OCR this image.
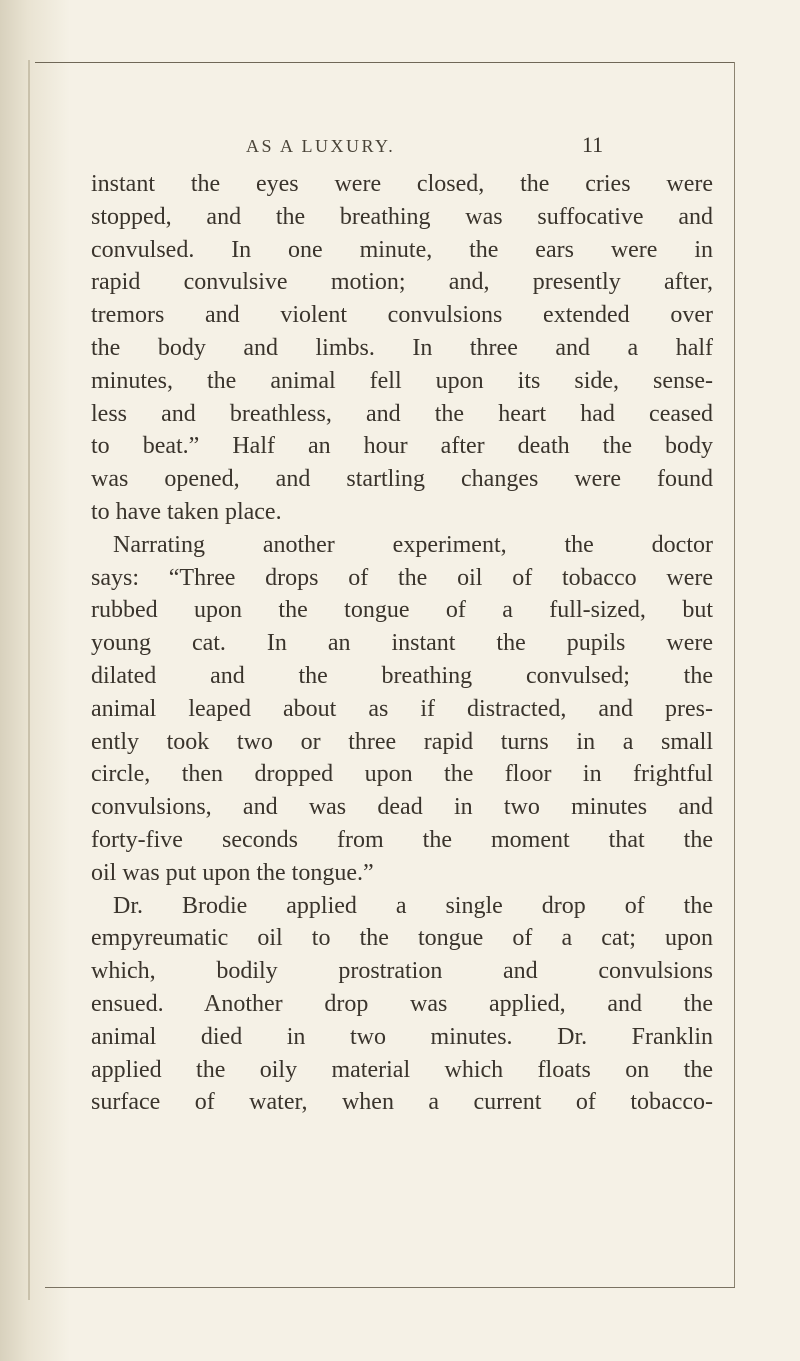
AS A LUXURY.	11
instant the eyes were closed, the cries were
stopped, and the breathing was suffocative and
convulsed. In one minute, the ears were in
rapid convulsive motion; and, presently after,
tremors and violent convulsions extended over
the body and limbs. In three and a half
minutes, the animal fell upon its side, sense-
less and breathless, and the heart had ceased
to beat.” Half an hour after death the body
was opened, and startling changes were found
to have taken place.
Narrating another experiment, the doctor
says: “Three drops of the oil of tobacco were
rubbed upon the tongue of a full-sized, but
young cat. In an instant the pupils were
dilated and the breathing convulsed; the
animal leaped about as if distracted, and pres-
ently took two or three rapid turns in a small
circle, then dropped upon the floor in frightful
convulsions, and was dead in two minutes and
forty-five seconds from the moment that the
oil was put upon the tongue.”
Dr. Brodie applied a single drop of the
empyreumatic oil to the tongue of a cat; upon
which, bodily prostration and convulsions
ensued. Another drop was applied, and the
animal died in two minutes. Dr. Franklin
applied the oily material which floats on the
surface of water, when a current of tobacco-
